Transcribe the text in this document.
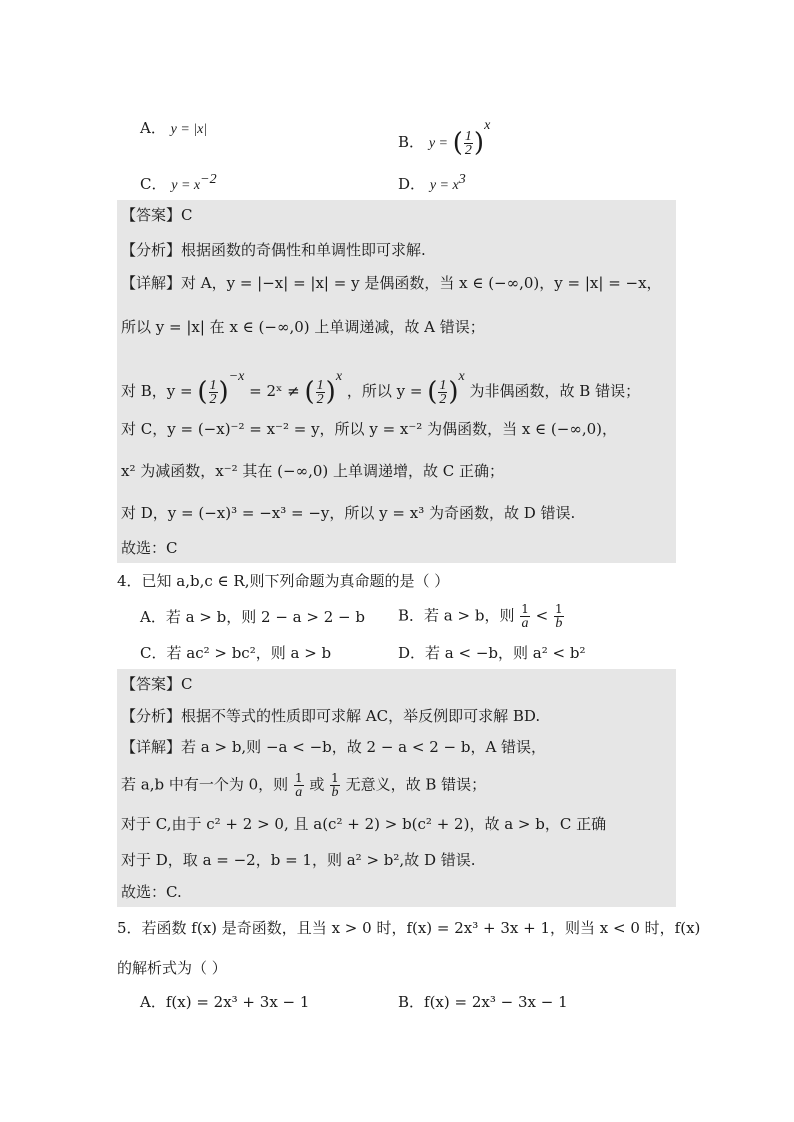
A． y = |x|
B． y = ( $\frac{1}{2} )^x$
C． $y = x^{-2}$	D． $y = x^3$
【答案】C
【分析】根据函数的奇偶性和单调性即可求解.
【详解】对 A，y = |−x| = |x| = y 是偶函数，当 x ∈ (−∞,0)，y = |x| = −x，
所以 y = |x| 在 x ∈ (−∞,0) 上单调递减，故 A 错误；
对 B，y = ( $\frac{1}{2} )^{-x}$ = 2ˣ ≠ ( $\frac{1}{2} )^x$ ，所以 y = ( $\frac{1}{2} )^x$ 为非偶函数，故 B 错误；
对 C，y = (−x)⁻² = x⁻² = y，所以 y = x⁻² 为偶函数，当 x ∈ (−∞,0)，
x² 为减函数，x⁻² 其在 (−∞,0) 上单调递增，故 C 正确；
对 D，y = (−x)³ = −x³ = −y，所以 y = x³ 为奇函数，故 D 错误.
故选：C
4．已知 a,b,c ∈ R,则下列命题为真命题的是（ ）
A．若 a > b，则 2 − a > 2 − b B．若 a > b，则 $\frac{1}{a} < \frac{1}{b}$
C．若 ac² > bc²，则 a > b	D．若 a < −b，则 a² < b²
【答案】C
【分析】根据不等式的性质即可求解 AC，举反例即可求解 BD.
【详解】若 a > b,则 −a < −b，故 2 − a < 2 − b，A 错误，
若 a,b 中有一个为 0，则 $\frac{1}{a}$ 或 $\frac{1}{b}$ 无意义，故 B 错误；
对于 C,由于 c² + 2 > 0, 且 a(c² + 2) > b(c² + 2)，故 a > b，C 正确
对于 D，取 a = −2，b = 1，则 a² > b²,故 D 错误.
故选：C.
5．若函数 f(x) 是奇函数，且当 x > 0 时，f(x) = 2x³ + 3x + 1，则当 x < 0 时，f(x)
的解析式为（ ）
A．f(x) = 2x³ + 3x − 1	B．f(x) = 2x³ − 3x − 1
